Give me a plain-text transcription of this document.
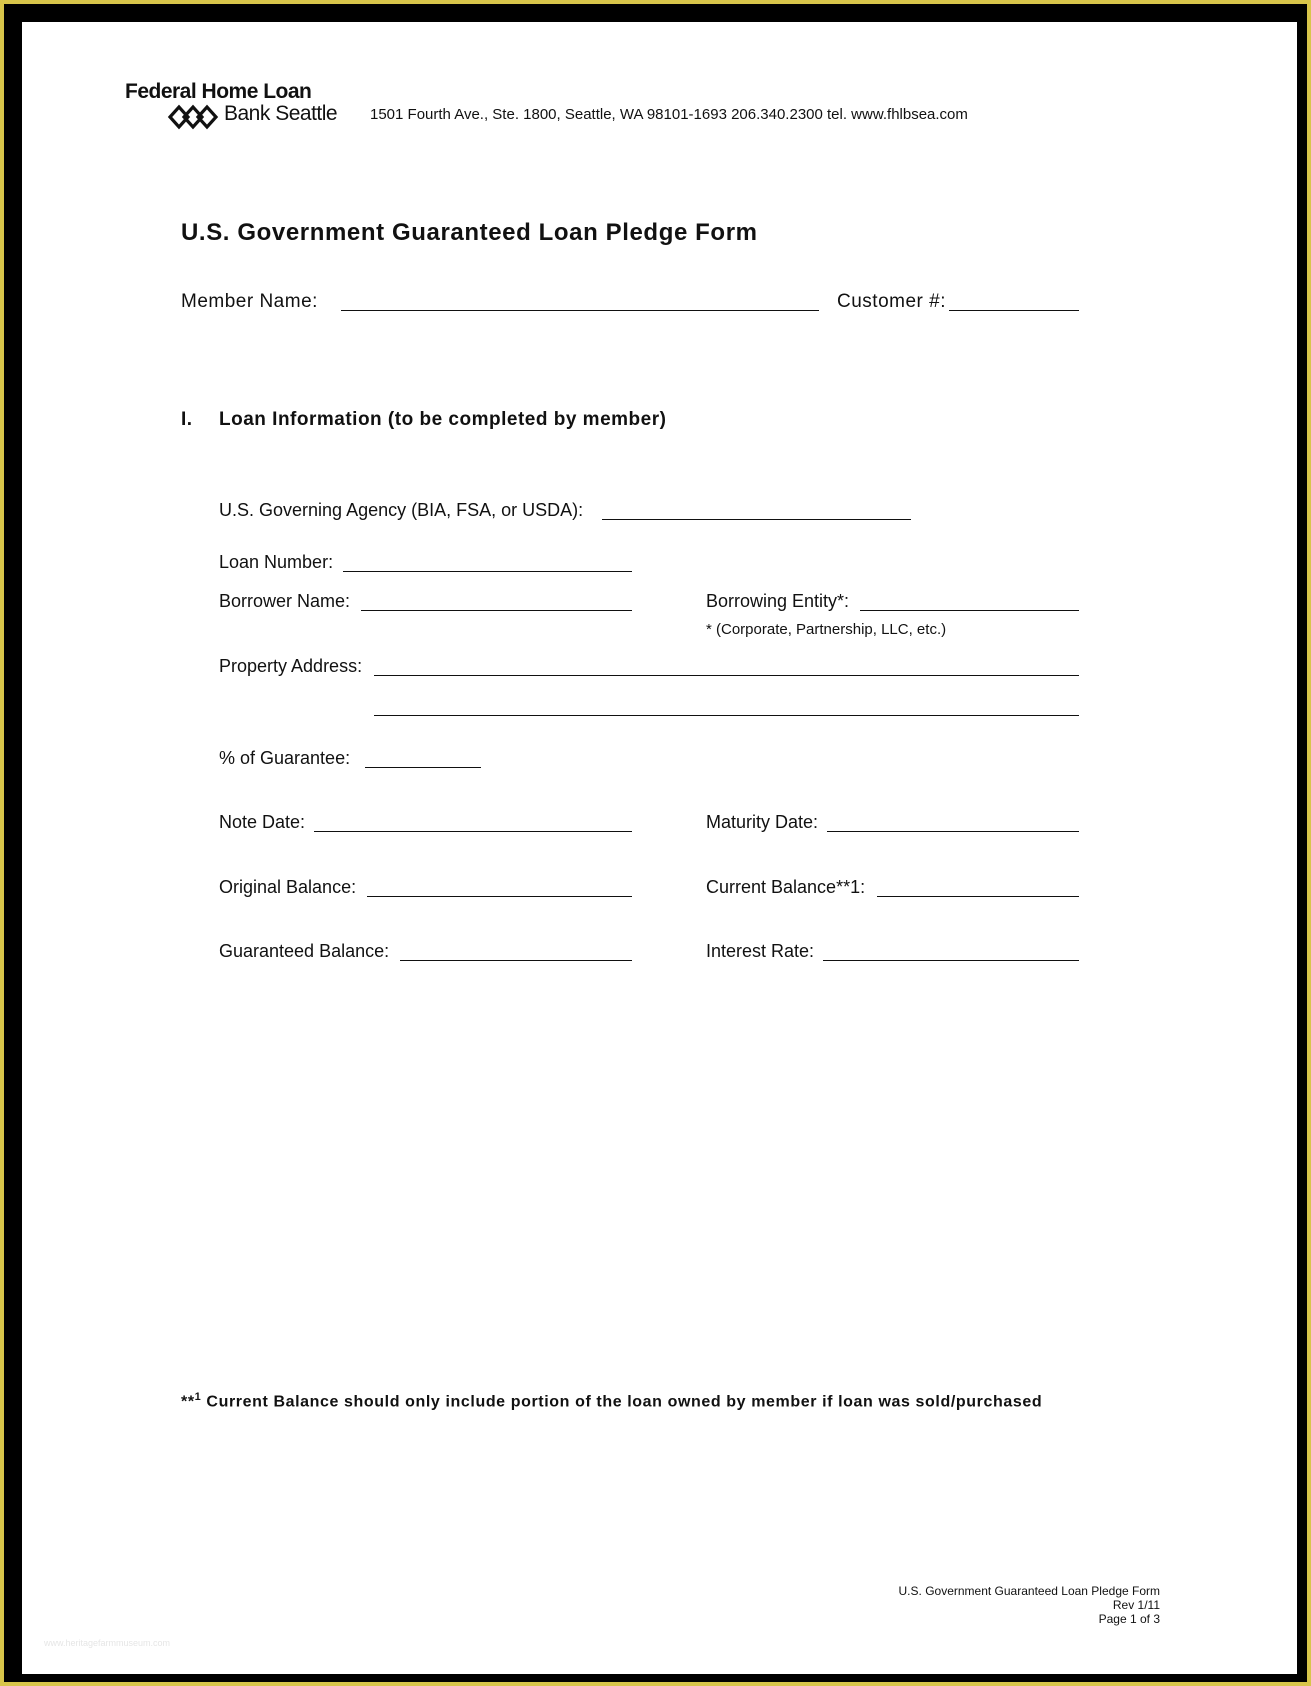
Federal Home Loan
Bank Seattle 1501 Fourth Ave., Ste. 1800, Seattle, WA 98101-1693 206.340.2300 tel. www.fhlbsea.com
U.S. Government Guaranteed Loan Pledge Form
Member Name:	Customer #:
I. Loan Information (to be completed by member)
U.S. Governing Agency (BIA, FSA, or USDA):
Loan Number:
Borrower Name:	Borrowing Entity*:
* (Corporate, Partnership, LLC, etc.)
Property Address:
% of Guarantee:
Note Date:	Maturity Date:
Original Balance:	Current Balance**1:
Guaranteed Balance:	Interest Rate:
**$^1$ Current Balance should only include portion of the loan owned by member if loan was sold/purchased
U.S. Government Guaranteed Loan Pledge Form
Rev 1/11
Page 1 of 3
www.heritagefarmmuseum.com
